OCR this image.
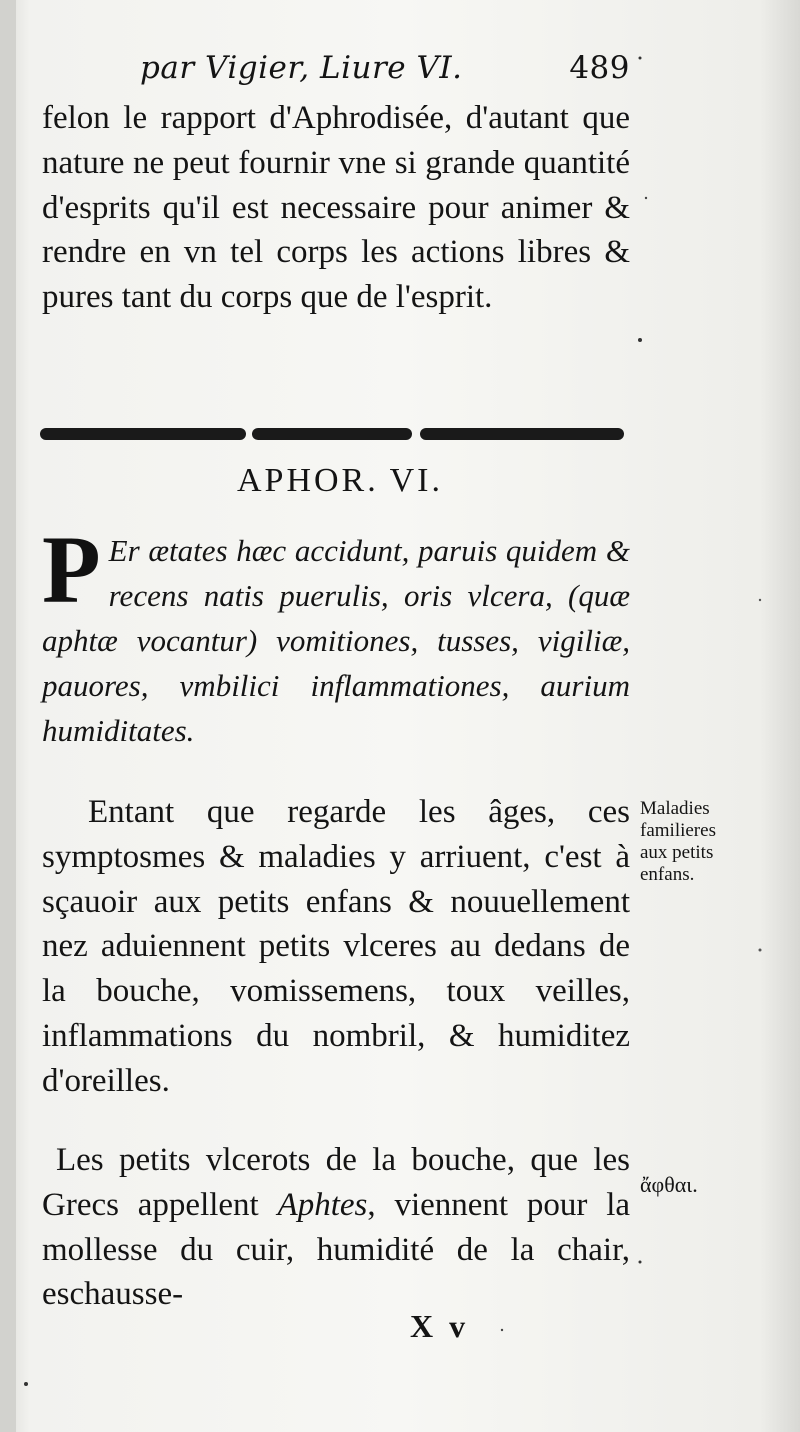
par Vigier, Liure VI.	489
felon le rapport d'Aphrodisée, d'autant que nature ne peut fournir vne si grande quantité d'esprits qu'il est necessaire pour animer & rendre en vn tel corps les actions libres & pures tant du corps que de l'esprit.
APHOR. VI.
P Er ætates hæc accidunt, paruis quidem & recens natis puerulis, oris vlcera, (quæ aphtæ vocantur) vomitiones, tusses, vigiliæ, pauores, vmbilici inflammationes, aurium humiditates.
Entant que regarde les âges, ces symptosmes & maladies y arriuent, c'est à sçauoir aux petits enfans & nouuellement nez aduiennent petits vlceres au dedans de la bouche, vomissemens, toux veilles, inflammations du nombril, & humiditez d'oreilles.
Les petits vlcerots de la bouche, que les Grecs appellent Aphtes, viennent pour la mollesse du cuir, humidité de la chair, eschausse-
Maladies familieres aux petits enfans.
ἄφθαι.
X v
